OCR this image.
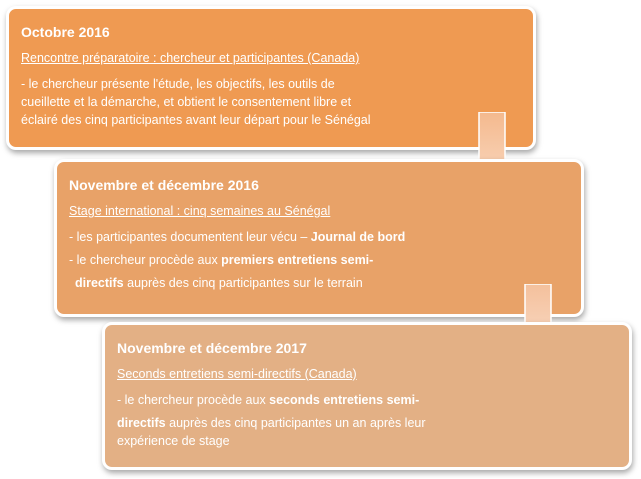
Octobre 2016

Rencontre préparatoire : chercheur et participantes (Canada)

- le chercheur présente l'étude, les objectifs, les outils de

cueillette et la démarche, et obtient le consentement libre et

éclairé des cinq participantes avant leur départ pour le Sénégal

Novembre et décembre 2016

Stage international : cinq semaines au Sénégal

- les participantes documentent leur vécu – Journal de bord

- le chercheur procède aux premiers entretiens semi-

directifs auprès des cinq participantes sur le terrain

Novembre et décembre 2017

Seconds entretiens semi-directifs (Canada)

- le chercheur procède aux seconds entretiens semi-

directifs auprès des cinq participantes un an après leur

expérience de stage
